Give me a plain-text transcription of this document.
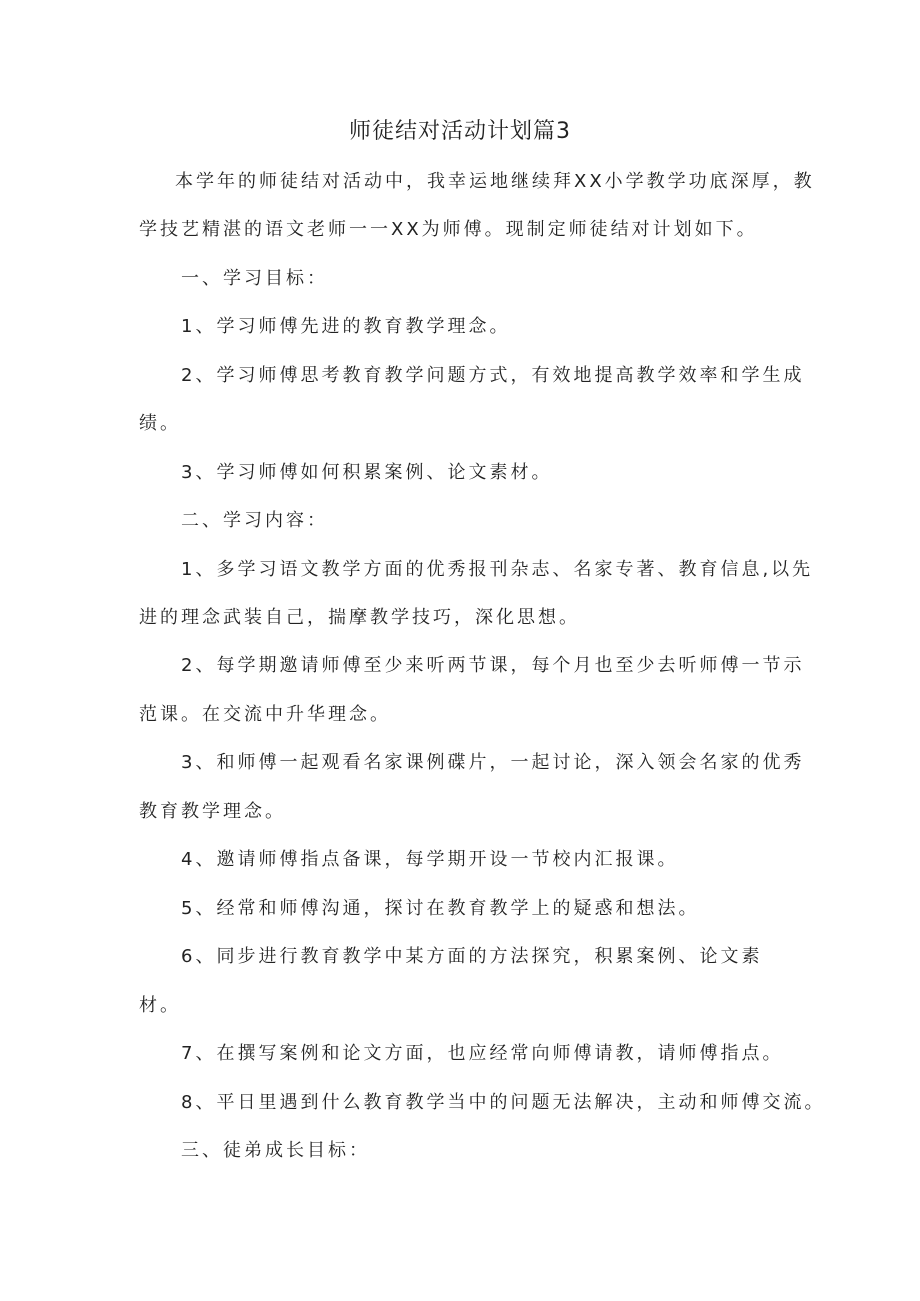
师徒结对活动计划篇3

本学年的师徒结对活动中，我幸运地继续拜XX小学教学功底深厚，教

学技艺精湛的语文老师一一XX为师傅。现制定师徒结对计划如下。

一、学习目标：

1、学习师傅先进的教育教学理念。

2、学习师傅思考教育教学问题方式，有效地提高教学效率和学生成

绩。

3、学习师傅如何积累案例、论文素材。

二、学习内容：

1、多学习语文教学方面的优秀报刊杂志、名家专著、教育信息,以先

进的理念武装自己，揣摩教学技巧，深化思想。

2、每学期邀请师傅至少来听两节课，每个月也至少去听师傅一节示

范课。在交流中升华理念。

3、和师傅一起观看名家课例碟片，一起讨论，深入领会名家的优秀

教育教学理念。

4、邀请师傅指点备课，每学期开设一节校内汇报课。

5、经常和师傅沟通，探讨在教育教学上的疑惑和想法。

6、同步进行教育教学中某方面的方法探究，积累案例、论文素

材。

7、在撰写案例和论文方面，也应经常向师傅请教，请师傅指点。

8、平日里遇到什么教育教学当中的问题无法解决，主动和师傅交流。

三、徒弟成长目标：
